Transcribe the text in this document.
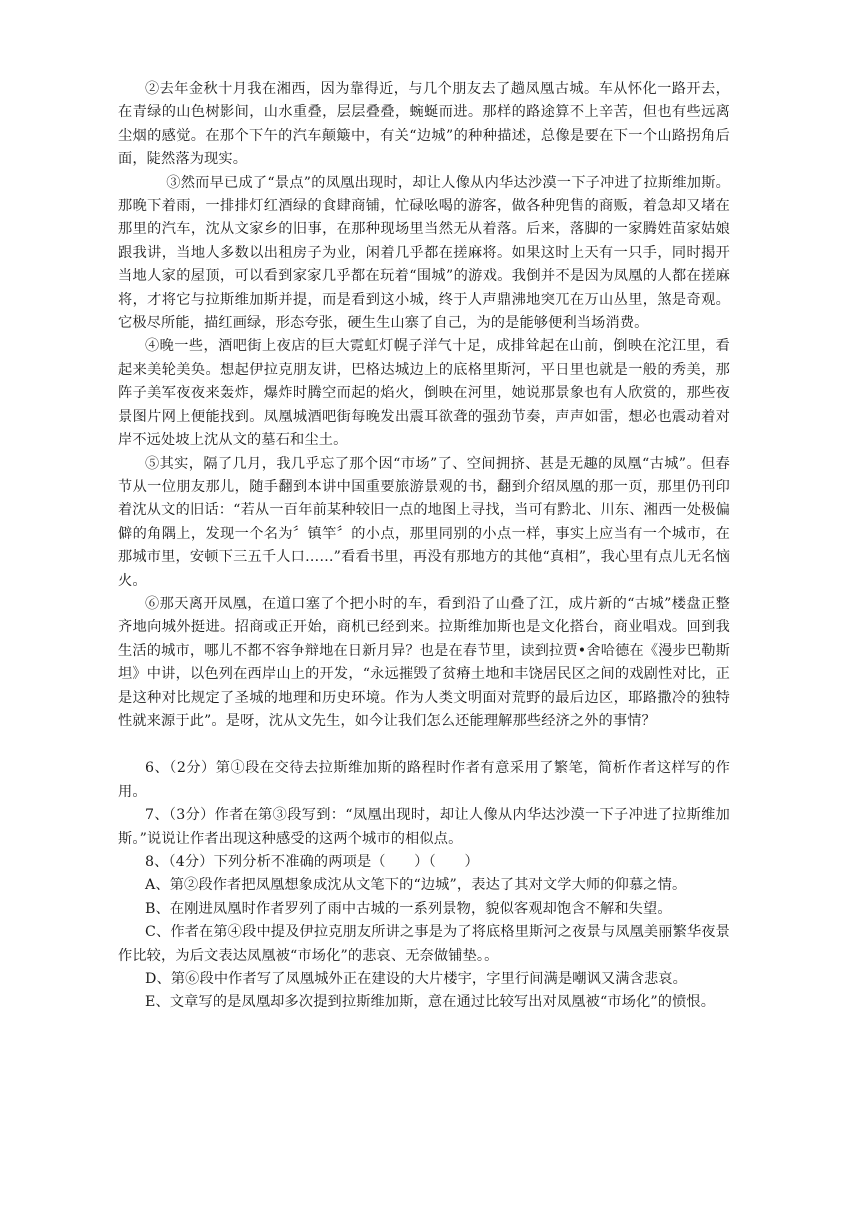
②去年金秋十月我在湘西，因为靠得近，与几个朋友去了趟凤凰古城。车从怀化一路开去，在青绿的山色树影间，山水重叠，层层叠叠，蜿蜒而进。那样的路途算不上辛苦，但也有些远离尘烟的感觉。在那个下午的汽车颠簸中，有关“边城”的种种描述，总像是要在下一个山路拐角后面，陡然落为现实。

③然而早已成了“景点”的凤凰出现时，却让人像从内华达沙漠一下子冲进了拉斯维加斯。那晚下着雨，一排排灯红酒绿的食肆商铺，忙碌吆喝的游客，做各种兜售的商贩，着急却又堵在那里的汽车，沈从文家乡的旧事，在那种现场里当然无从着落。后来，落脚的一家腾姓苗家姑娘跟我讲，当地人多数以出租房子为业，闲着几乎都在搓麻将。如果这时上天有一只手，同时揭开当地人家的屋顶，可以看到家家几乎都在玩着“围城”的游戏。我倒并不是因为凤凰的人都在搓麻将，才将它与拉斯维加斯并提，而是看到这小城，终于人声鼎沸地突兀在万山丛里，煞是奇观。它极尽所能，描红画绿，形态夸张，硬生生山寨了自己，为的是能够便利当场消费。

④晚一些，酒吧街上夜店的巨大霓虹灯幌子洋气十足，成排耸起在山前，倒映在沱江里，看起来美轮美奂。想起伊拉克朋友讲，巴格达城边上的底格里斯河，平日里也就是一般的秀美，那阵子美军夜夜来轰炸，爆炸时腾空而起的焰火，倒映在河里，她说那景象也有人欣赏的，那些夜景图片网上便能找到。凤凰城酒吧街每晚发出震耳欲聋的强劲节奏，声声如雷，想必也震动着对岸不远处坡上沈从文的墓石和尘土。

⑤其实，隔了几月，我几乎忘了那个因“市场”了、空间拥挤、甚是无趣的凤凰“古城”。但春节从一位朋友那儿，随手翻到本讲中国重要旅游景观的书，翻到介绍凤凰的那一页，那里仍刊印着沈从文的旧话：“若从一百年前某种较旧一点的地图上寻找，当可有黔北、川东、湘西一处极偏僻的角隅上，发现一个名为〞镇竿〞的小点，那里同别的小点一样，事实上应当有一个城市，在那城市里，安顿下三五千人口……”看看书里，再没有那地方的其他“真相”，我心里有点儿无名恼火。

⑥那天离开凤凰，在道口塞了个把小时的车，看到沿了山叠了江，成片新的“古城”楼盘正整齐地向城外挺进。招商或正开始，商机已经到来。拉斯维加斯也是文化搭台，商业唱戏。回到我生活的城市，哪儿不都不容争辩地在日新月异？也是在春节里，读到拉贾•舍哈德在《漫步巴勒斯坦》中讲，以色列在西岸山上的开发，“永远摧毁了贫瘠土地和丰饶居民区之间的戏剧性对比，正是这种对比规定了圣城的地理和历史环境。作为人类文明面对荒野的最后边区，耶路撒冷的独特性就来源于此”。是呀，沈从文先生，如今让我们怎么还能理解那些经济之外的事情？

6、（2分）第①段在交待去拉斯维加斯的路程时作者有意采用了繁笔，简析作者这样写的作用。

7、（3分）作者在第③段写到：“凤凰出现时，却让人像从内华达沙漠一下子冲进了拉斯维加斯。”说说让作者出现这种感受的这两个城市的相似点。

8、（4分）下列分析不准确的两项是（　　）（　　）

A、第②段作者把凤凰想象成沈从文笔下的“边城”，表达了其对文学大师的仰慕之情。

B、在刚进凤凰时作者罗列了雨中古城的一系列景物，貌似客观却饱含不解和失望。

C、作者在第④段中提及伊拉克朋友所讲之事是为了将底格里斯河之夜景与凤凰美丽繁华夜景作比较，为后文表达凤凰被“市场化”的悲哀、无奈做铺垫。。

D、第⑥段中作者写了凤凰城外正在建设的大片楼宇，字里行间满是嘲讽又满含悲哀。

E、文章写的是凤凰却多次提到拉斯维加斯，意在通过比较写出对凤凰被“市场化”的愤恨。
